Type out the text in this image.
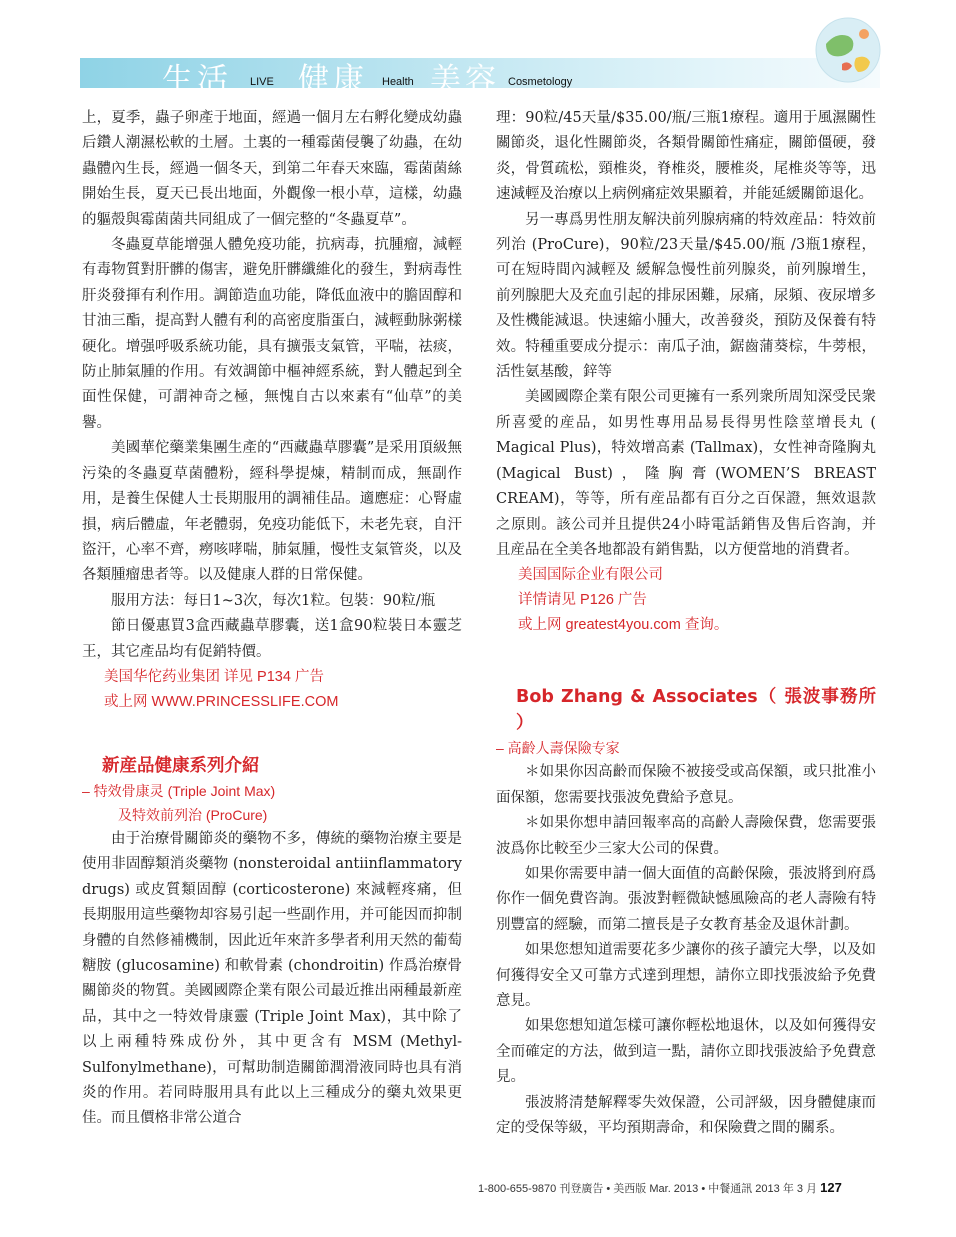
生活 LIVE 健康 Health 美容 Cosmetology

上，夏季，蟲子卵產于地面，經過一個月左右孵化變成幼蟲后鑽人潮濕松軟的土層。土裏的一種霉菌侵襲了幼蟲，在幼蟲體內生長，經過一個冬天，到第二年春天來臨，霉菌菌絲開始生長，夏天已長出地面，外觀像一根小草，這樣，幼蟲的軀殼與霉菌菌共同組成了一個完整的“冬蟲夏草”。

冬蟲夏草能增强人體免疫功能，抗病毒，抗腫瘤，減輕有毒物質對肝髒的傷害，避免肝髒纖維化的發生，對病毒性肝炎發揮有利作用。調節造血功能，降低血液中的膽固醇和甘油三酯，提高對人體有利的高密度脂蛋白，減輕動脉粥樣硬化。增强呼吸系統功能，具有擴張支氣管，平喘，祛痰，防止肺氣腫的作用。有效調節中樞神經系統，對人體起到全面性保健，可謂神奇之極，無愧自古以來素有“仙草”的美譽。

美國華佗藥業集團生產的“西藏蟲草膠囊”是采用頂級無污染的冬蟲夏草菌體粉，經科學提煉，精制而成，無副作用，是養生保健人士長期服用的調補佳品。適應症：心腎虛損，病后體虛，年老體弱，免疫功能低下，未老先衰，自汗盜汗，心率不齊，癆咳哮喘，肺氣腫，慢性支氣管炎，以及各類腫瘤患者等。以及健康人群的日常保健。

服用方法：每日1~3次，每次1粒。包裝：90粒/瓶

節日優惠買3盒西藏蟲草膠囊，送1盒90粒裝日本靈芝王，其它產品均有促銷特價。

美国华佗药业集团 详见 P134 广告

或上网 WWW.PRINCESSLIFE.COM

新産品健康系列介紹

– 特效骨康灵 (Triple Joint Max)

及特效前列治 (ProCure)

由于治療骨關節炎的藥物不多，傳統的藥物治療主要是使用非固醇類消炎藥物 (nonsteroidal antiinflammatory drugs) 或皮質類固醇 (corticosterone) 來減輕疼痛，但長期服用這些藥物却容易引起一些副作用，并可能因而抑制身體的自然修補機制，因此近年來許多學者利用天然的葡萄糖胺 (glucosamine) 和軟骨素 (chondroitin) 作爲治療骨關節炎的物質。美國國際企業有限公司最近推出兩種最新産品，其中之一特效骨康靈 (Triple Joint Max)，其中除了以上兩種特殊成份外，其中更含有 MSM (Methyl-Sulfonylmethane)，可幫助制造關節潤滑液同時也具有消炎的作用。若同時服用具有此以上三種成分的藥丸效果更佳。而且價格非常公道合

理：90粒/45天量/$35.00/瓶/三瓶1療程。適用于風濕關性關節炎，退化性關節炎，各類骨關節性痛症，關節僵硬，發炎，骨質疏松，頸椎炎，脊椎炎，腰椎炎，尾椎炎等等，迅速減輕及治療以上病例痛症效果顯着，并能延緩關節退化。

另一專爲男性朋友解決前列腺病痛的特效産品：特效前列治 (ProCure)，90粒/23天量/$45.00/瓶 /3瓶1療程，可在短時間內減輕及 緩解急慢性前列腺炎，前列腺增生，前列腺肥大及充血引起的排尿困難，尿痛，尿頻、夜尿增多及性機能減退。快速縮小腫大，改善發炎，預防及保養有特效。特種重要成分提示：南瓜子油，鋸齒蒲葵棕，牛蒡根，活性氨基酸，鋅等

美國國際企業有限公司更擁有一系列衆所周知深受民衆所喜愛的産品，如男性專用品易長得男性陰莖增長丸 ( Magical Plus)，特效增高素 (Tallmax)，女性神奇隆胸丸 (Magical Bust)，隆胸膏(WOMEN’S BREAST CREAM)，等等，所有産品都有百分之百保證，無效退款之原則。該公司并且提供24小時電話銷售及售后咨詢，并且産品在全美各地都設有銷售點，以方便當地的消費者。

美国国际企业有限公司

详情请见 P126 广告

或上网 greatest4you.com 查询。

Bob Zhang & Associates（ 張波事務所 ）

– 高齡人壽保險专家

＊如果你因高齡而保險不被接受或高保額，或只批准小面保額，您需要找張波免費給予意見。

＊如果你想申請回報率高的高齡人壽險保費，您需要張波爲你比較至少三家大公司的保費。

如果你需要申請一個大面值的高齡保險，張波將到府爲你作一個免費咨詢。張波對輕微缺憾風險高的老人壽險有特別豐富的經驗，而第二擅長是子女教育基金及退休計劃。

如果您想知道需要花多少讓你的孩子讀完大學，以及如何獲得安全又可靠方式達到理想，請你立即找張波給予免費意見。

如果您想知道怎樣可讓你輕松地退休，以及如何獲得安全而確定的方法，做到這一點，請你立即找張波給予免費意見。

張波將清楚解釋零失效保證，公司評級，因身體健康而定的受保等級，平均預期壽命，和保險費之間的關系。

1-800-655-9870 刊登廣告 • 美西版 Mar. 2013 • 中餐通訊 2013 年 3 月 127
